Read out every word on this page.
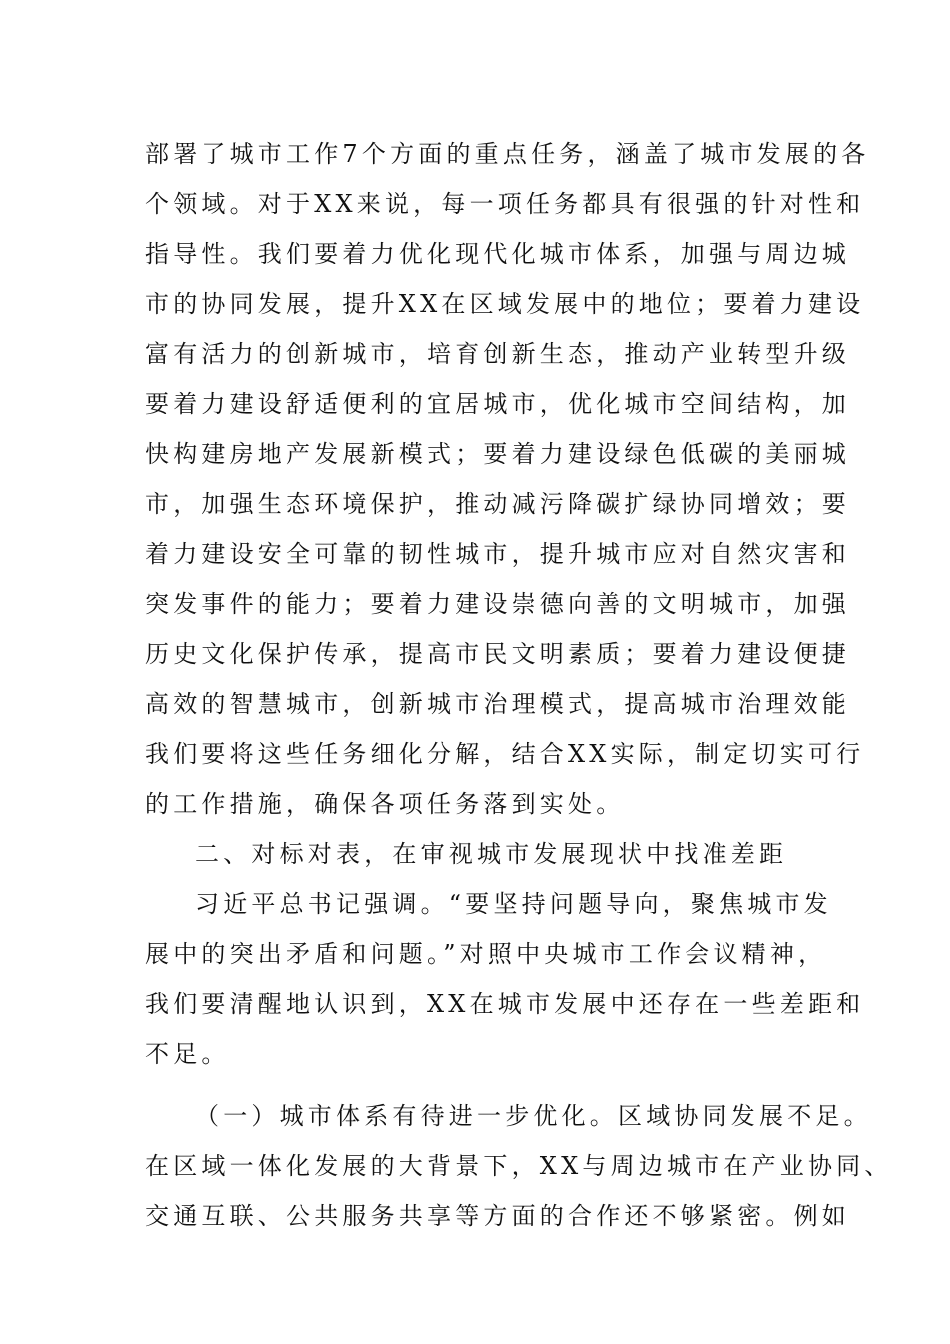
部署了城市工作7个方面的重点任务，涵盖了城市发展的各
个领域。对于XX来说，每一项任务都具有很强的针对性和
指导性。我们要着力优化现代化城市体系，加强与周边城
市的协同发展，提升XX在区域发展中的地位；要着力建设
富有活力的创新城市，培育创新生态，推动产业转型升级
要着力建设舒适便利的宜居城市，优化城市空间结构，加
快构建房地产发展新模式；要着力建设绿色低碳的美丽城
市，加强生态环境保护，推动减污降碳扩绿协同增效；要
着力建设安全可靠的韧性城市，提升城市应对自然灾害和
突发事件的能力；要着力建设崇德向善的文明城市，加强
历史文化保护传承，提高市民文明素质；要着力建设便捷
高效的智慧城市，创新城市治理模式，提高城市治理效能
我们要将这些任务细化分解，结合XX实际，制定切实可行
的工作措施，确保各项任务落到实处。
二、对标对表，在审视城市发展现状中找准差距
习近平总书记强调。“要坚持问题导向，聚焦城市发
展中的突出矛盾和问题。”对照中央城市工作会议精神，
我们要清醒地认识到，XX在城市发展中还存在一些差距和
不足。
（一）城市体系有待进一步优化。区域协同发展不足。
在区域一体化发展的大背景下，XX与周边城市在产业协同、
交通互联、公共服务共享等方面的合作还不够紧密。例如
